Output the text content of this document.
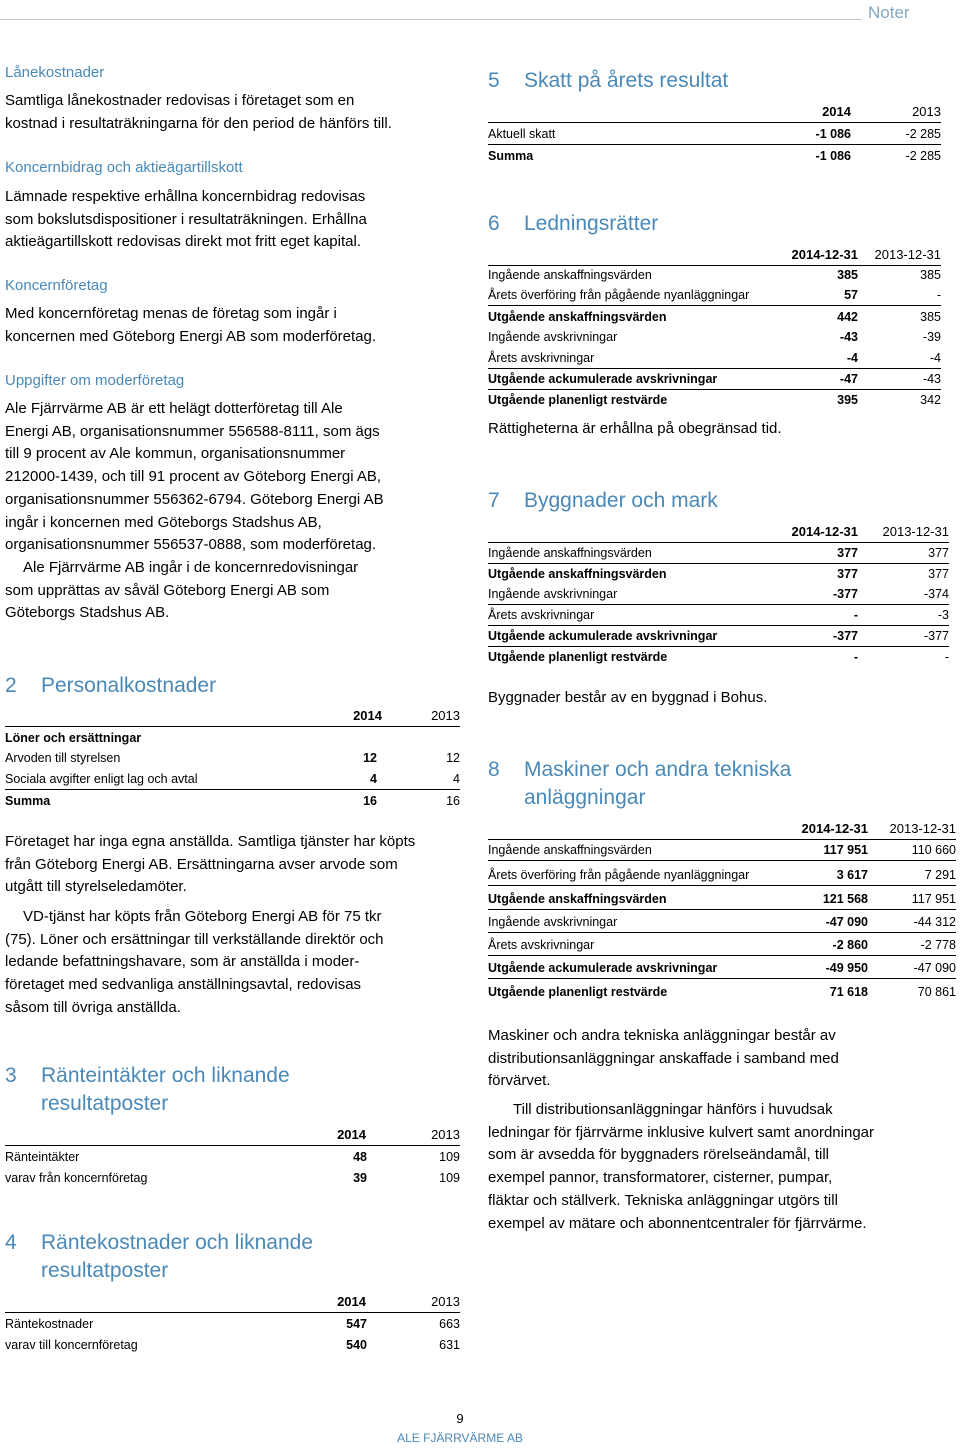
Noter
Lånekostnader
Samtliga lånekostnader redovisas i företaget som en
kostnad i resultaträkningarna för den period de hänförs till.
Koncernbidrag och aktieägartillskott
Lämnade respektive erhållna koncernbidrag redovisas
som bokslutsdispositioner i resultaträkningen. Erhållna
aktieägartillskott redovisas direkt mot fritt eget kapital.
Koncernföretag
Med koncernföretag menas de företag som ingår i
koncernen med Göteborg Energi AB som moderföretag.
Uppgifter om moderföretag
Ale Fjärrvärme AB är ett helägt dotterföretag till Ale
Energi AB, organisationsnummer 556588-8111, som ägs
till 9 procent av Ale kommun, organisationsnummer
212000-1439, och till 91 procent av Göteborg Energi AB,
organisationsnummer 556362-6794. Göteborg Energi AB
ingår i koncernen med Göteborgs Stadshus AB,
organisationsnummer 556537-0888, som moderföretag.
Ale Fjärrvärme AB ingår i de koncernredovisningar
som upprättas av såväl Göteborg Energi AB som
Göteborgs Stadshus AB.
2 Personalkostnader
2014	2013
Löner och ersättningar
Arvoden till styrelsen	12	12
Sociala avgifter enligt lag och avtal	4	4
Summa	16	16
Företaget har inga egna anställda. Samtliga tjänster har köpts
från Göteborg Energi AB. Ersättningarna avser arvode som
utgått till styrelseledamöter.
VD-tjänst har köpts från Göteborg Energi AB för 75 tkr
(75). Löner och ersättningar till verkställande direktör och
ledande befattningshavare, som är anställda i moder-
företaget med sedvanliga anställningsavtal, redovisas
såsom till övriga anställda.
3 Ränteintäkter och liknande
resultatposter
2014	2013
Ränteintäkter	48	109
varav från koncernföretag	39	109
4 Räntekostnader och liknande
resultatposter
2014	2013
Räntekostnader	547	663
varav till koncernföretag	540	631
5 Skatt på årets resultat
2014	2013
Aktuell skatt	-1 086	-2 285
Summa	-1 086	-2 285
6 Ledningsrätter
2014-12-31 2013-12-31
Ingående anskaffningsvärden	385	385
Årets överföring från pågående nyanläggningar	57	-
Utgående anskaffningsvärden	442	385
Ingående avskrivningar	-43	-39
Årets avskrivningar	-4	-4
Utgående ackumulerade avskrivningar	-47	-43
Utgående planenligt restvärde	395	342
Rättigheterna är erhållna på obegränsad tid.
7 Byggnader och mark
2014-12-31 2013-12-31
Ingående anskaffningsvärden	377	377
Utgående anskaffningsvärden	377	377
Ingående avskrivningar	-377	-374
Årets avskrivningar	-	-3
Utgående ackumulerade avskrivningar	-377	-377
Utgående planenligt restvärde	-	-
Byggnader består av en byggnad i Bohus.
8 Maskiner och andra tekniska
anläggningar
2014-12-31 2013-12-31
Ingående anskaffningsvärden	117 951	110 660
Årets överföring från pågående nyanläggningar	3 617	7 291
Utgående anskaffningsvärden	121 568	117 951
Ingående avskrivningar	-47 090	-44 312
Årets avskrivningar	-2 860	-2 778
Utgående ackumulerade avskrivningar	-49 950	-47 090
Utgående planenligt restvärde	71 618	70 861
Maskiner och andra tekniska anläggningar består av
distributionsanläggningar anskaffade i samband med
förvärvet.
Till distributionsanläggningar hänförs i huvudsak
ledningar för fjärrvärme inklusive kulvert samt anordningar
som är avsedda för byggnaders rörelseändamål, till
exempel pannor, transformatorer, cisterner, pumpar,
fläktar och ställverk. Tekniska anläggningar utgörs till
exempel av mätare och abonnentcentraler för fjärrvärme.
9
ALE FJÄRRVÄRME AB
